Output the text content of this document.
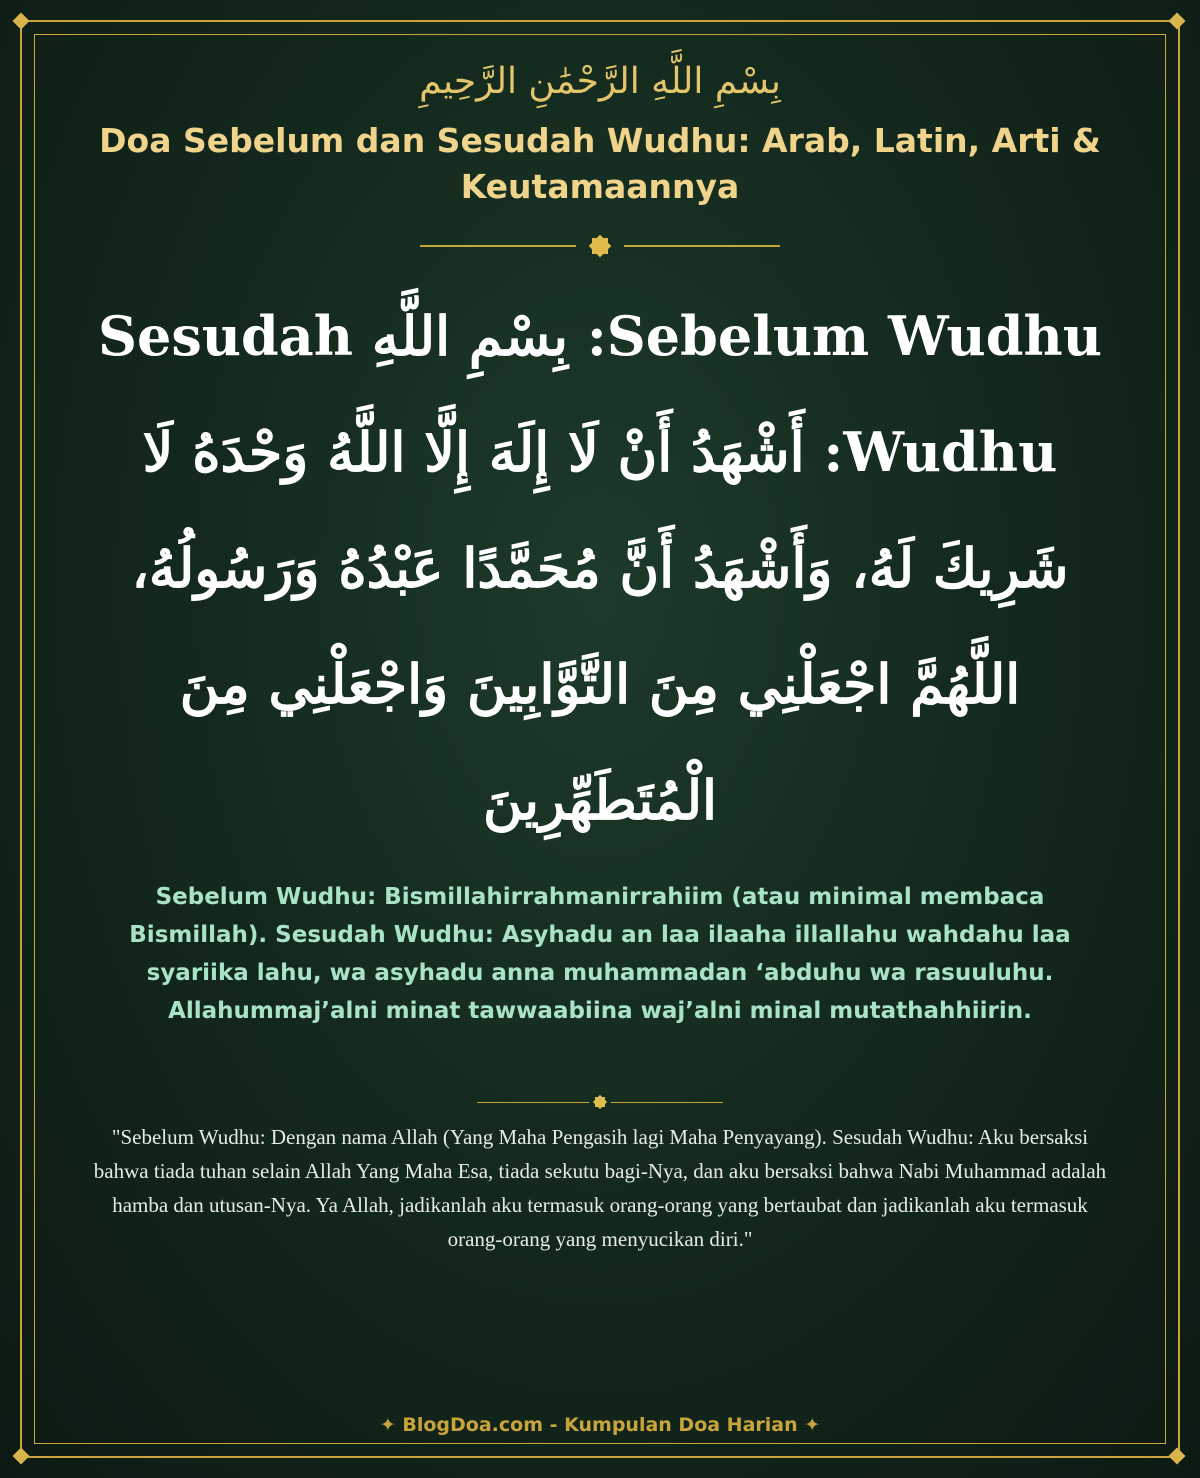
بِسْمِ اللَّهِ الرَّحْمَٰنِ الرَّحِيمِ
Doa Sebelum dan Sesudah Wudhu: Arab, Latin, Arti & Keutamaannya
Sebelum Wudhu: بِسْمِ اللَّهِ Sesudah Wudhu: أَشْهَدُ أَنْ لَا إِلَهَ إِلَّا اللَّهُ وَحْدَهُ لَا شَرِيكَ لَهُ، وَأَشْهَدُ أَنَّ مُحَمَّدًا عَبْدُهُ وَرَسُولُهُ، اللَّهُمَّ اجْعَلْنِي مِنَ التَّوَّابِينَ وَاجْعَلْنِي مِنَ الْمُتَطَهِّرِينَ
Sebelum Wudhu: Bismillahirrahmanirrahiim (atau minimal membaca Bismillah). Sesudah Wudhu: Asyhadu an laa ilaaha illallahu wahdahu laa syariika lahu, wa asyhadu anna muhammadan ‘abduhu wa rasuuluhu. Allahummaj’alni minat tawwaabiina waj’alni minal mutathahhiirin.
"Sebelum Wudhu: Dengan nama Allah (Yang Maha Pengasih lagi Maha Penyayang). Sesudah Wudhu: Aku bersaksi bahwa tiada tuhan selain Allah Yang Maha Esa, tiada sekutu bagi-Nya, dan aku bersaksi bahwa Nabi Muhammad adalah hamba dan utusan-Nya. Ya Allah, jadikanlah aku termasuk orang-orang yang bertaubat dan jadikanlah aku termasuk orang-orang yang menyucikan diri."
✦ BlogDoa.com - Kumpulan Doa Harian ✦
